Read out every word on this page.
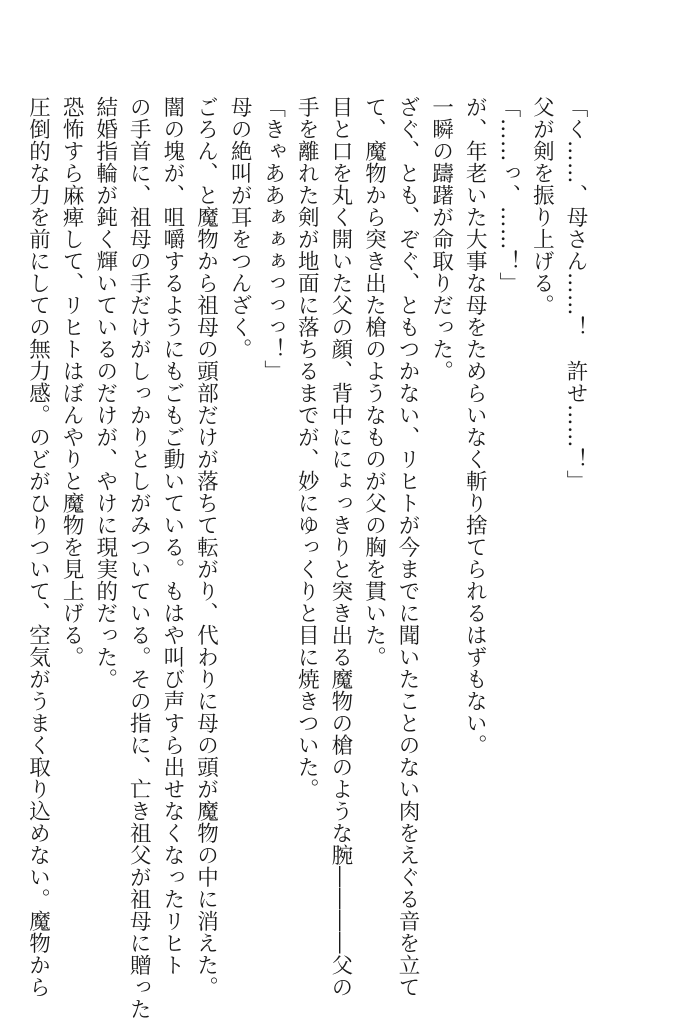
「く……、母さん……！　許せ……！」
父が剣を振り上げる。
「……っ、……！」
が、年老いた大事な母をためらいなく斬り捨てられるはずもない。
一瞬の躊躇が命取りだった。
ざぐ、とも、ぞぐ、ともつかない、リヒトが今までに聞いたことのない肉をえぐる音を立て
て、魔物から突き出た槍のようなものが父の胸を貫いた。
目と口を丸く開いた父の顔、背中ににょっきりと突き出る魔物の槍のような腕――――父の
手を離れた剣が地面に落ちるまでが、妙にゆっくりと目に焼きついた。
「きゃああぁぁぁっっっ！」
母の絶叫が耳をつんざく。
ごろん、と魔物から祖母の頭部だけが落ちて転がり、代わりに母の頭が魔物の中に消えた。
闇の塊が、咀嚼するようにもごもご動いている。もはや叫び声すら出せなくなったリヒト
の手首に、祖母の手だけがしっかりとしがみついている。その指に、亡き祖父が祖母に贈った
結婚指輪が鈍く輝いているのだけが、やけに現実的だった。
恐怖すら麻痺して、リヒトはぼんやりと魔物を見上げる。
圧倒的な力を前にしての無力感。のどがひりついて、空気がうまく取り込めない。魔物から
